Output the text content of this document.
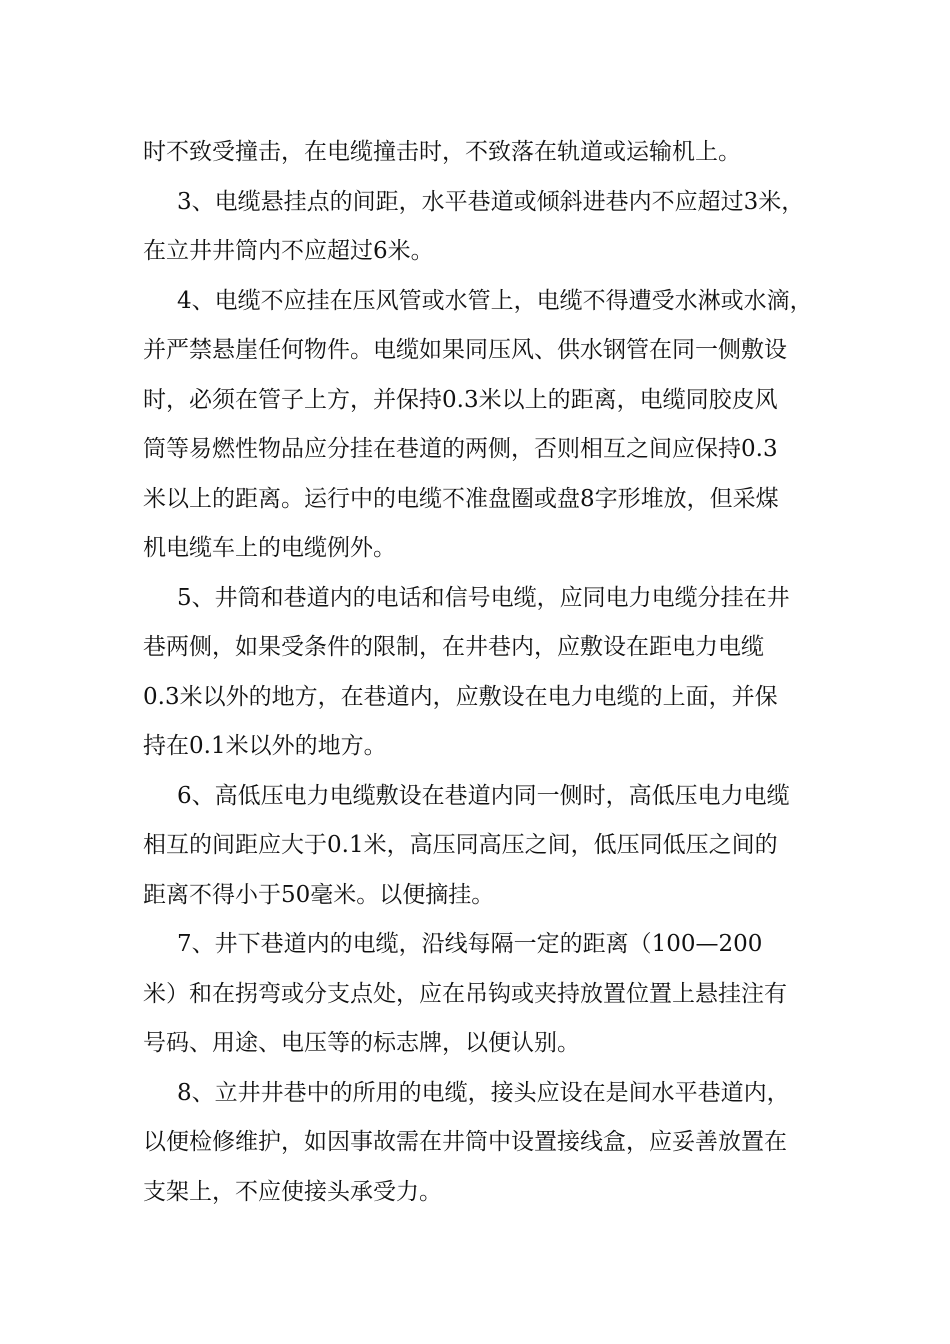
时不致受撞击，在电缆撞击时，不致落在轨道或运输机上。
3、电缆悬挂点的间距，水平巷道或倾斜进巷内不应超过3米，
在立井井筒内不应超过6米。
4、电缆不应挂在压风管或水管上，电缆不得遭受水淋或水滴，
并严禁悬崖任何物件。电缆如果同压风、供水钢管在同一侧敷设
时，必须在管子上方，并保持0.3米以上的距离，电缆同胶皮风
筒等易燃性物品应分挂在巷道的两侧，否则相互之间应保持0.3
米以上的距离。运行中的电缆不准盘圈或盘8字形堆放，但采煤
机电缆车上的电缆例外。
5、井筒和巷道内的电话和信号电缆，应同电力电缆分挂在井
巷两侧，如果受条件的限制，在井巷内，应敷设在距电力电缆
0.3米以外的地方，在巷道内，应敷设在电力电缆的上面，并保
持在0.1米以外的地方。
6、高低压电力电缆敷设在巷道内同一侧时，高低压电力电缆
相互的间距应大于0.1米，高压同高压之间，低压同低压之间的
距离不得小于50毫米。以便摘挂。
7、井下巷道内的电缆，沿线每隔一定的距离（100—200
米）和在拐弯或分支点处，应在吊钩或夹持放置位置上悬挂注有
号码、用途、电压等的标志牌，以便认别。
8、立井井巷中的所用的电缆，接头应设在是间水平巷道内，
以便检修维护，如因事故需在井筒中设置接线盒，应妥善放置在
支架上，不应使接头承受力。
